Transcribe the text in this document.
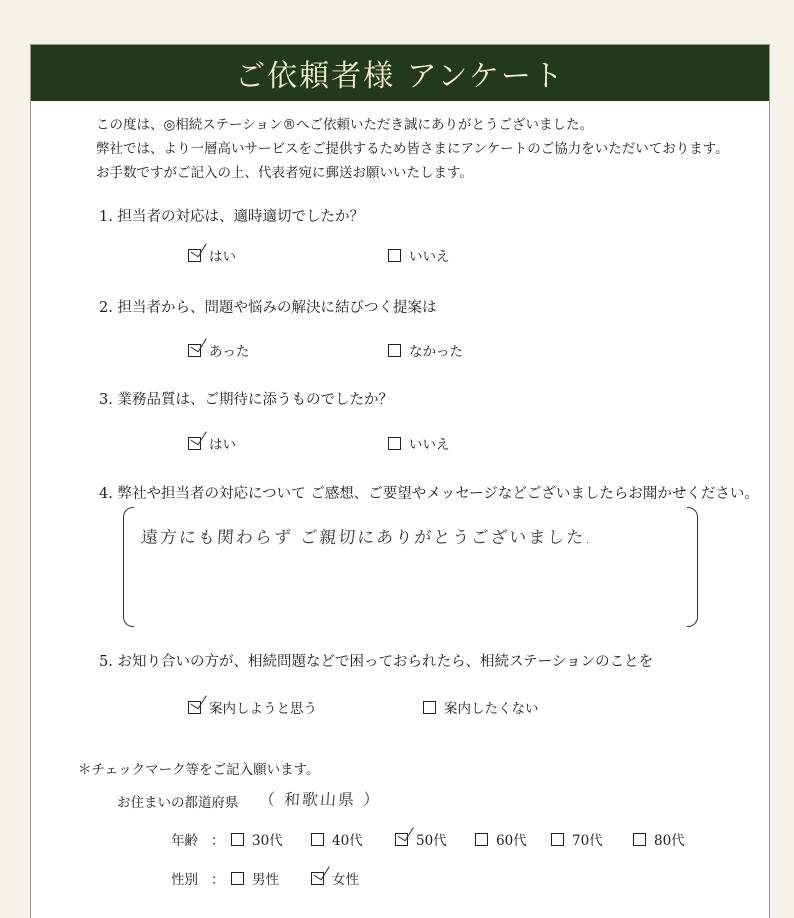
ご依頼者様 アンケート
この度は、◎相続ステーション®へご依頼いただき誠にありがとうございました。
弊社では、より一層高いサービスをご提供するため皆さまにアンケートのご協力をいただいております。
お手数ですがご記入の上、代表者宛に郵送お願いいたします。
1. 担当者の対応は、適時適切でしたか？
はい	いいえ
2. 担当者から、問題や悩みの解決に結びつく提案は
あった	なかった
3. 業務品質は、ご期待に添うものでしたか？
はい	いいえ
4. 弊社や担当者の対応について ご感想、ご要望やメッセージなどございましたらお聞かせください。
遠方にも関わらず ご親切にありがとうございました.
5. お知り合いの方が、相続問題などで困っておられたら、相続ステーションのことを
案内しようと思う	案内したくない
＊チェックマーク等をご記入願います。
お住まいの都道府県 （ 和歌山県 ）
年齢 ： 30代	40代	50代	60代	70代	80代
性別 ： 男性	女性
